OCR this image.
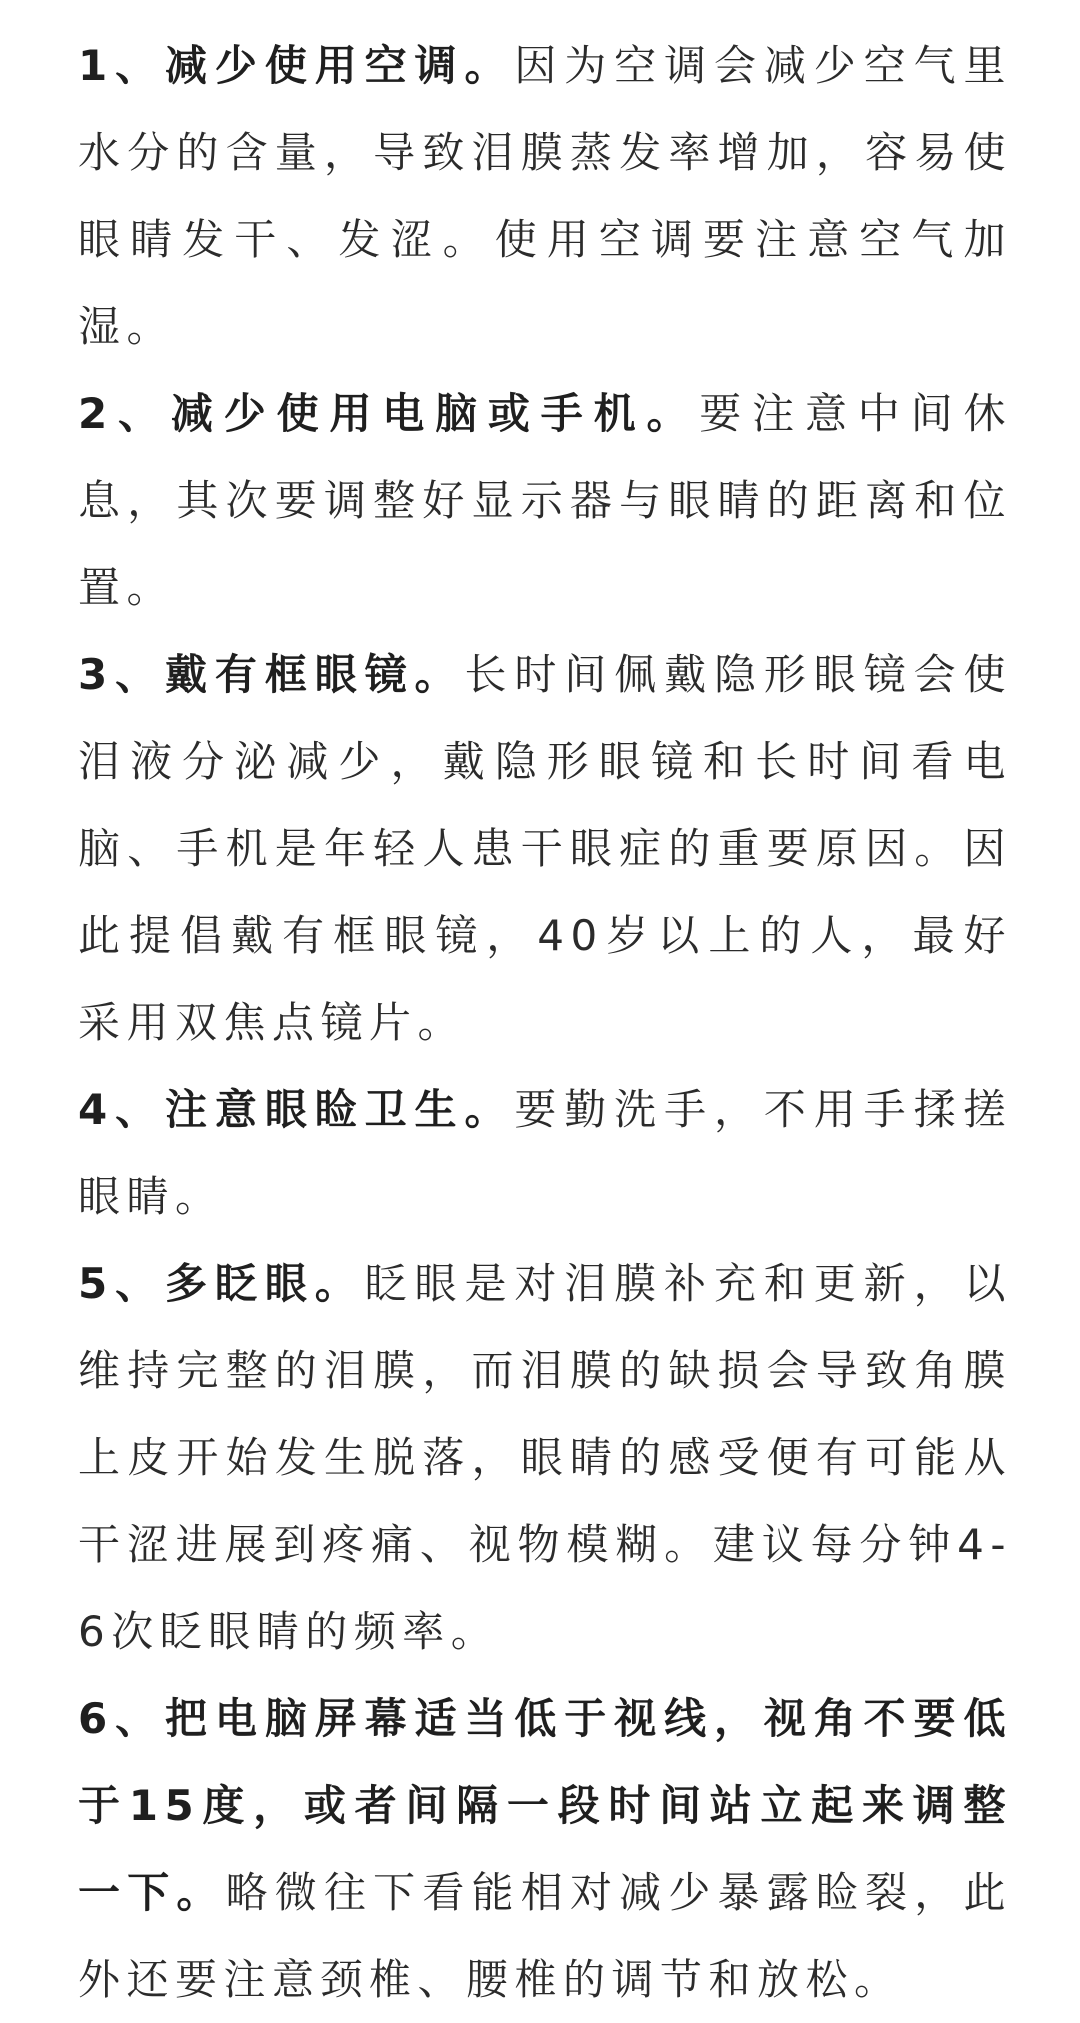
1、减少使用空调。因为空调会减少空气里水分的含量，导致泪膜蒸发率增加，容易使眼睛发干、发涩。使用空调要注意空气加湿。

2、减少使用电脑或手机。要注意中间休息，其次要调整好显示器与眼睛的距离和位置。

3、戴有框眼镜。长时间佩戴隐形眼镜会使泪液分泌减少，戴隐形眼镜和长时间看电脑、手机是年轻人患干眼症的重要原因。因此提倡戴有框眼镜，40岁以上的人，最好采用双焦点镜片。

4、注意眼睑卫生。要勤洗手，不用手揉搓眼睛。

5、多眨眼。眨眼是对泪膜补充和更新，以维持完整的泪膜，而泪膜的缺损会导致角膜上皮开始发生脱落，眼睛的感受便有可能从干涩进展到疼痛、视物模糊。建议每分钟4-6次眨眼睛的频率。

6、把电脑屏幕适当低于视线，视角不要低于15度，或者间隔一段时间站立起来调整一下。略微往下看能相对减少暴露睑裂，此外还要注意颈椎、腰椎的调节和放松。
